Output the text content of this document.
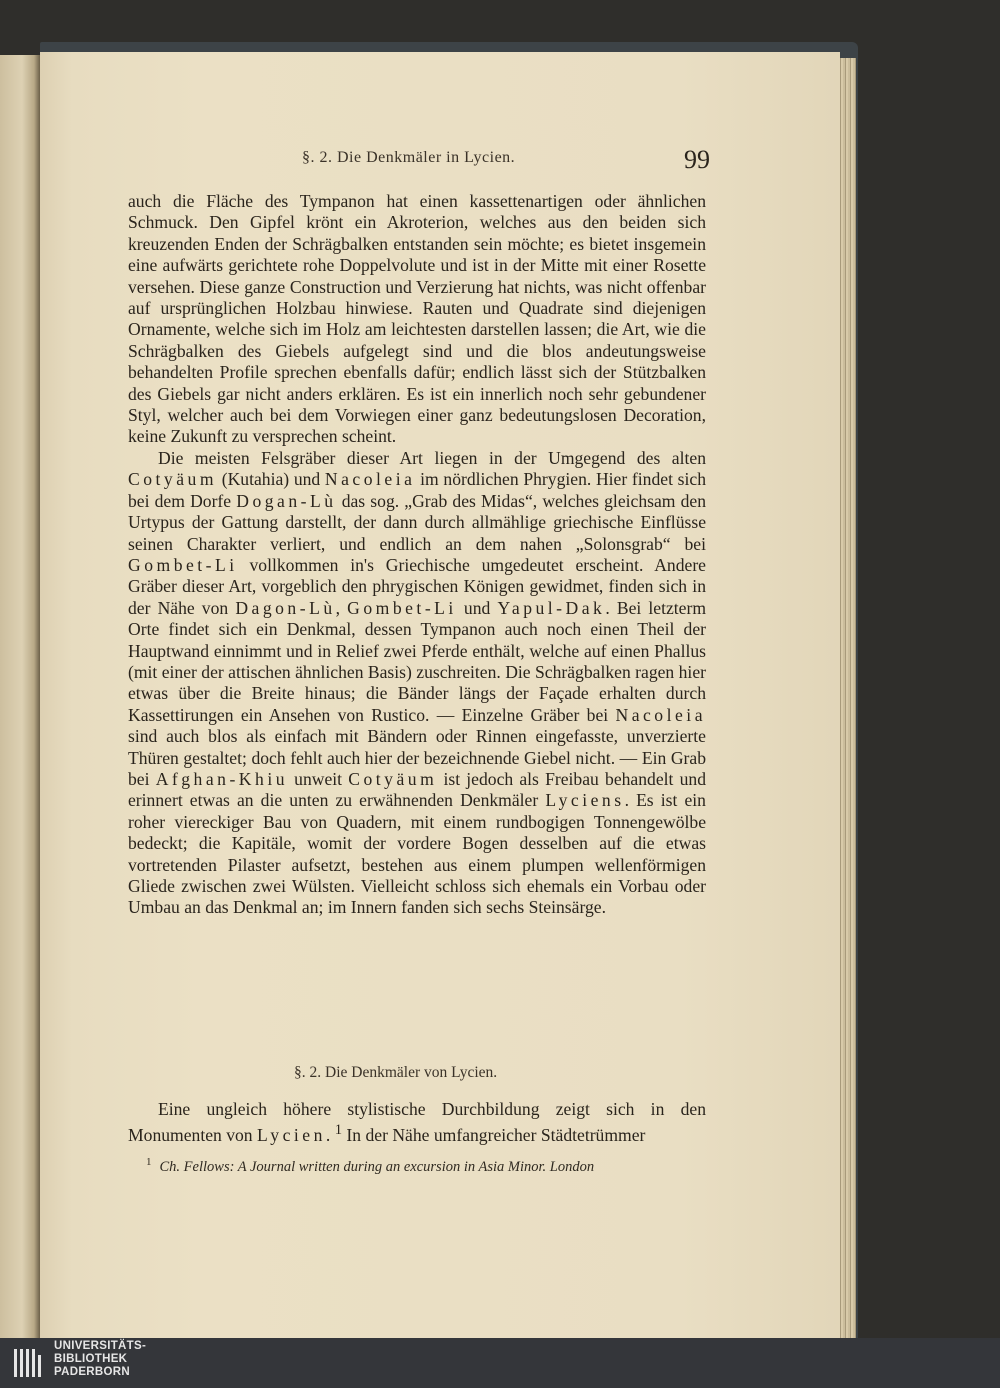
§. 2. Die Denkmäler in Lycien.	99

auch die Fläche des Tympanon hat einen kassettenartigen oder ähnlichen Schmuck. Den Gipfel krönt ein Akroterion, welches aus den beiden sich kreuzenden Enden der Schrägbalken entstanden sein möchte; es bietet insgemein eine aufwärts gerichtete rohe Doppelvolute und ist in der Mitte mit einer Rosette versehen. Diese ganze Construction und Verzierung hat nichts, was nicht offenbar auf ursprünglichen Holzbau hinwiese. Rauten und Quadrate sind diejenigen Ornamente, welche sich im Holz am leichtesten darstellen lassen; die Art, wie die Schrägbalken des Giebels aufgelegt sind und die blos andeutungsweise behandelten Profile sprechen ebenfalls dafür; endlich lässt sich der Stützbalken des Giebels gar nicht anders erklären. Es ist ein innerlich noch sehr gebundener Styl, welcher auch bei dem Vorwiegen einer ganz bedeutungslosen Decoration, keine Zukunft zu versprechen scheint.

Die meisten Felsgräber dieser Art liegen in der Umgegend des alten Cotyäum (Kutahia) und Nacoleia im nördlichen Phrygien. Hier findet sich bei dem Dorfe Dogan-Lù das sog. „Grab des Midas“, welches gleichsam den Urtypus der Gattung darstellt, der dann durch allmählige griechische Einflüsse seinen Charakter verliert, und endlich an dem nahen „Solonsgrab“ bei Gombet-Li vollkommen in's Griechische umgedeutet erscheint. Andere Gräber dieser Art, vorgeblich den phrygischen Königen gewidmet, finden sich in der Nähe von Dagon-Lù, Gombet-Li und Yapul-Dak. Bei letzterm Orte findet sich ein Denkmal, dessen Tympanon auch noch einen Theil der Hauptwand einnimmt und in Relief zwei Pferde enthält, welche auf einen Phallus (mit einer der attischen ähnlichen Basis) zuschreiten. Die Schrägbalken ragen hier etwas über die Breite hinaus; die Bänder längs der Façade erhalten durch Kassettirungen ein Ansehen von Rustico. — Einzelne Gräber bei Nacoleia sind auch blos als einfach mit Bändern oder Rinnen eingefasste, unverzierte Thüren gestaltet; doch fehlt auch hier der bezeichnende Giebel nicht. — Ein Grab bei Afghan-Khiu unweit Cotyäum ist jedoch als Freibau behandelt und erinnert etwas an die unten zu erwähnenden Denkmäler Lyciens. Es ist ein roher viereckiger Bau von Quadern, mit einem rundbogigen Tonnengewölbe bedeckt; die Kapitäle, womit der vordere Bogen desselben auf die etwas vortretenden Pilaster aufsetzt, bestehen aus einem plumpen wellenförmigen Gliede zwischen zwei Wülsten. Vielleicht schloss sich ehemals ein Vorbau oder Umbau an das Denkmal an; im Innern fanden sich sechs Steinsärge.

§. 2. Die Denkmäler von Lycien.
Eine ungleich höhere stylistische Durchbildung zeigt sich in den Monumenten von Lycien. $^1$ In der Nähe umfangreicher Städtetrümmer
$^1$ Ch. Fellows: A Journal written during an excursion in Asia Minor. London
UNIVERSITÄTS-
BIBLIOTHEK
PADERBORN
